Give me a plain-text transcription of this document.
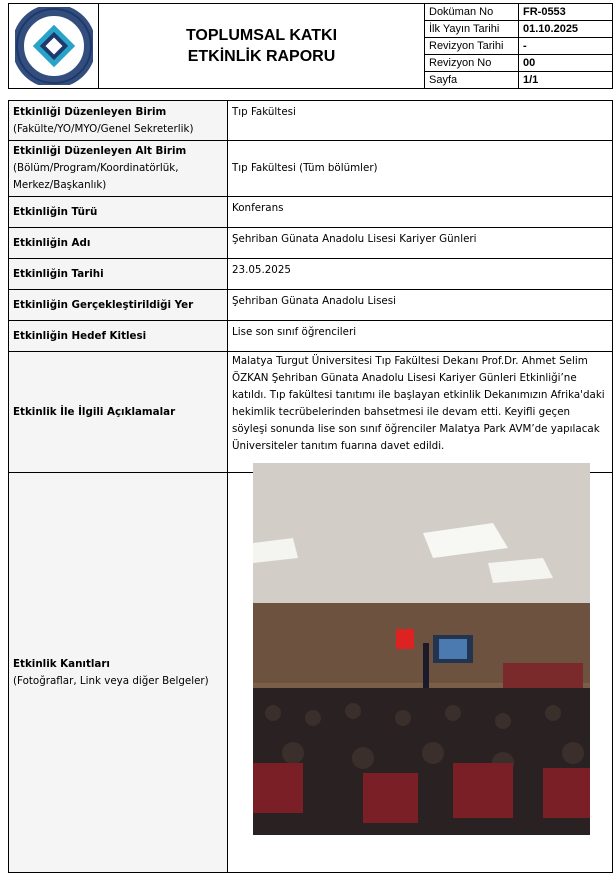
TOPLUMSAL KATKI
ETKİNLİK RAPORU
Doküman No	FR-0553
İlk Yayın Tarihi	01.10.2025
Revizyon Tarihi	-
Revizyon No	00
Sayfa	1/1
Etkinliği Düzenleyen Birim
(Fakülte/YO/MYO/Genel Sekreterlik)	Tıp Fakültesi
Etkinliği Düzenleyen Alt Birim
(Bölüm/Program/Koordinatörlük, Merkez/Başkanlık)	Tıp Fakültesi (Tüm bölümler)
Etkinliğin Türü	Konferans
Etkinliğin Adı	Şehriban Günata Anadolu Lisesi Kariyer Günleri
Etkinliğin Tarihi	23.05.2025
Etkinliğin Gerçekleştirildiği Yer	Şehriban Günata Anadolu Lisesi
Etkinliğin Hedef Kitlesi	Lise son sınıf öğrencileri
Etkinlik İle İlgili Açıklamalar	Malatya Turgut Üniversitesi Tıp Fakültesi Dekanı Prof.Dr. Ahmet Selim ÖZKAN Şehriban Günata Anadolu Lisesi Kariyer Günleri Etkinliği’ne katıldı. Tıp fakültesi tanıtımı ile başlayan etkinlik Dekanımızın Afrika'daki hekimlik tecrübelerinden bahsetmesi ile devam etti. Keyifli geçen söyleşi sonunda lise son sınıf öğrenciler Malatya Park AVM’de yapılacak Üniversiteler tanıtım fuarına davet edildi.
Etkinlik Kanıtları
(Fotoğraflar, Link veya diğer Belgeler)	
